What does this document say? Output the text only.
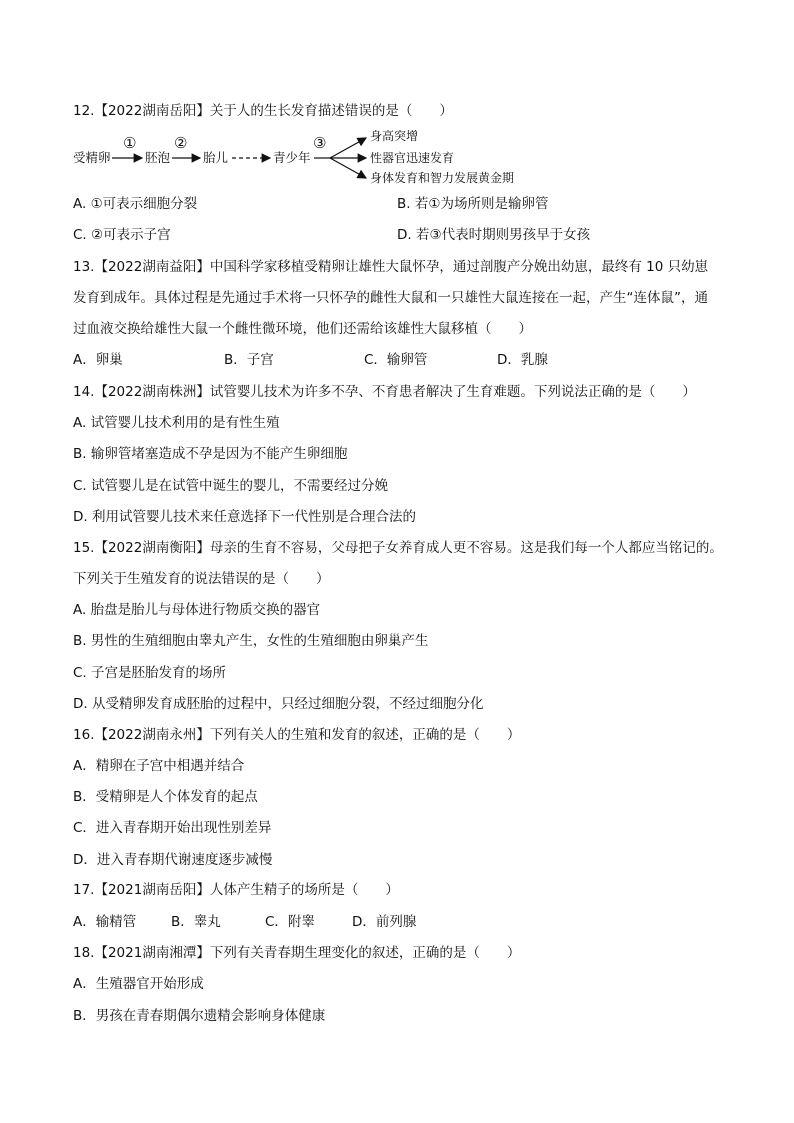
12.【2022湖南岳阳】关于人的生长发育描述错误的是（　　）
受精卵
①
胚泡
②
胎儿	青少年
③	身高突增
性器官迅速发育
身体发育和智力发展黄金期
A. ①可表示细胞分裂	B. 若①为场所则是输卵管
C. ②可表示子宫	D. 若③代表时期则男孩早于女孩
13.【2022湖南益阳】中国科学家移植受精卵让雄性大鼠怀孕，通过剖腹产分娩出幼崽，最终有 10 只幼崽
发育到成年。具体过程是先通过手术将一只怀孕的雌性大鼠和一只雄性大鼠连接在一起，产生“连体鼠”，通
过血液交换给雄性大鼠一个雌性微环境，他们还需给该雄性大鼠移植（　　）
A．卵巢	B．子宫	C．输卵管	D．乳腺
14.【2022湖南株洲】试管婴儿技术为许多不孕、不育患者解决了生育难题。下列说法正确的是（　　）
A. 试管婴儿技术利用的是有性生殖
B. 输卵管堵塞造成不孕是因为不能产生卵细胞
C. 试管婴儿是在试管中诞生的婴儿，不需要经过分娩
D. 利用试管婴儿技术来任意选择下一代性别是合理合法的
15.【2022湖南衡阳】母亲的生育不容易，父母把子女养育成人更不容易。这是我们每一个人都应当铭记的。
下列关于生殖发育的说法错误的是（　　）
A. 胎盘是胎儿与母体进行物质交换的器官
B. 男性的生殖细胞由睾丸产生，女性的生殖细胞由卵巢产生
C. 子宫是胚胎发育的场所
D. 从受精卵发育成胚胎的过程中，只经过细胞分裂，不经过细胞分化
16.【2022湖南永州】下列有关人的生殖和发育的叙述，正确的是（　　）
A．精卵在子宫中相遇并结合
B．受精卵是人个体发育的起点
C．进入青春期开始出现性别差异
D．进入青春期代谢速度逐步减慢
17.【2021湖南岳阳】人体产生精子的场所是（　　）
A．输精管	B．睾丸	C．附睾	D．前列腺
18.【2021湖南湘潭】下列有关青春期生理变化的叙述，正确的是（　　）
A．生殖器官开始形成
B．男孩在青春期偶尔遗精会影响身体健康
